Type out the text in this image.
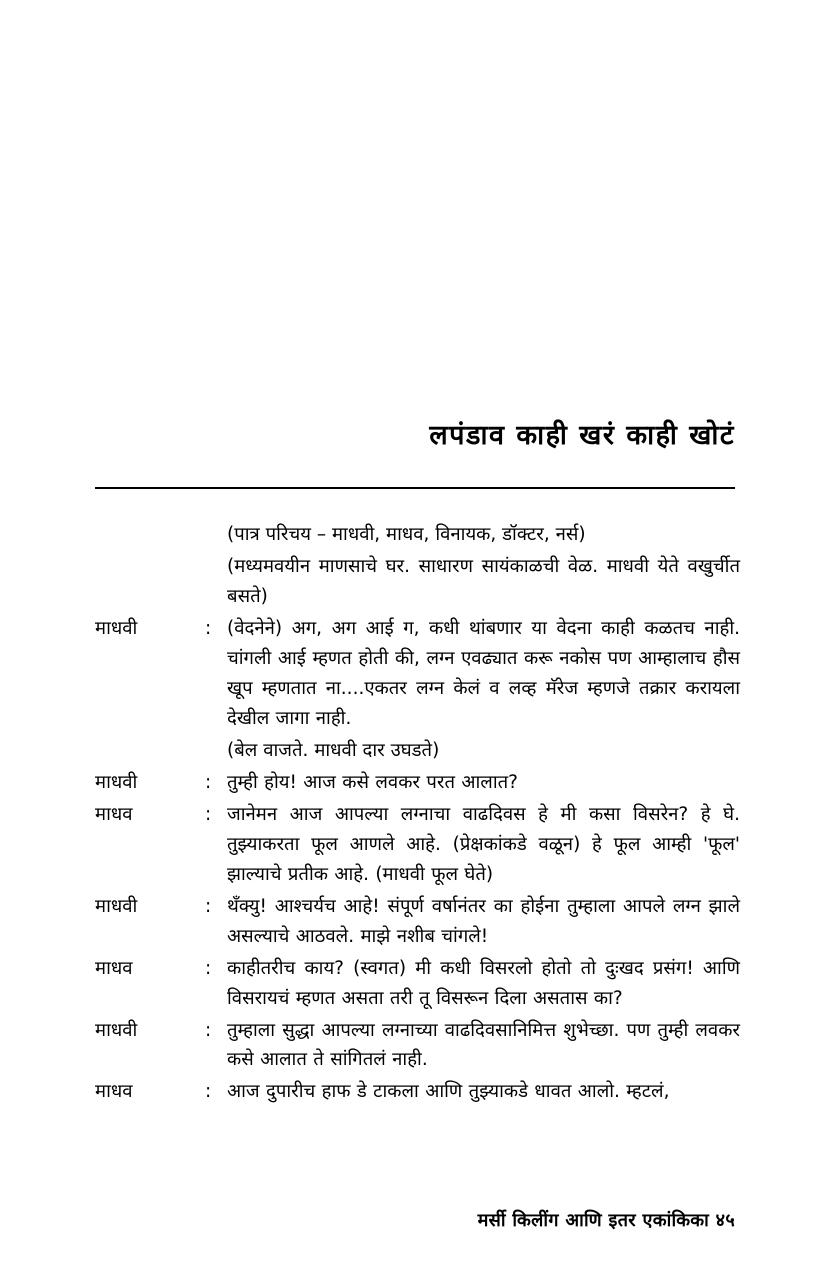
लपंडाव काही खरं काही खोटं
(पात्र परिचय – माधवी, माधव, विनायक, डॉक्टर, नर्स)
(मध्यमवयीन माणसाचे घर. साधारण सायंकाळची वेळ. माधवी येते वखुर्चीत बसते)
माधवी	: (वेदनेने) अग, अग आई ग, कधी थांबणार या वेदना काही कळतच नाही. चांगली आई म्हणत होती की, लग्न एवढ्यात करू नकोस पण आम्हालाच हौस खूप म्हणतात ना....एकतर लग्न केलं व लव्ह मॅरेज म्हणजे तक्रार करायला देखील जागा नाही.
(बेल वाजते. माधवी दार उघडते)
माधवी	: तुम्ही होय! आज कसे लवकर परत आलात?
माधव	: जानेमन आज आपल्या लग्नाचा वाढदिवस हे मी कसा विसरेन? हे घे. तुझ्याकरता फूल आणले आहे. (प्रेक्षकांकडे वळून) हे फूल आम्ही 'फूल' झाल्याचे प्रतीक आहे. (माधवी फूल घेते)
माधवी	: थँक्यु! आश्चर्यच आहे! संपूर्ण वर्षानंतर का होईना तुम्हाला आपले लग्न झाले असल्याचे आठवले. माझे नशीब चांगले!
माधव	: काहीतरीच काय? (स्वगत) मी कधी विसरलो होतो तो दुःखद प्रसंग! आणि विसरायचं म्हणत असता तरी तू विसरून दिला असतास का?
माधवी	: तुम्हाला सुद्धा आपल्या लग्नाच्या वाढदिवसानिमित्त शुभेच्छा. पण तुम्ही लवकर कसे आलात ते सांगितलं नाही.
माधव	: आज दुपारीच हाफ डे टाकला आणि तुझ्याकडे धावत आलो. म्हटलं,
मर्सी किलींग आणि इतर एकांकिका ४५
